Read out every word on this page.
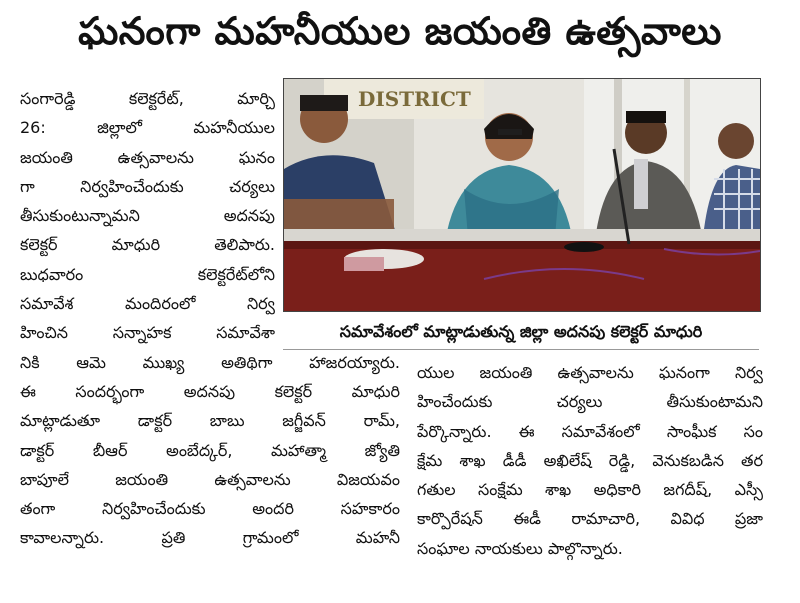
ఘనంగా మహనీయుల జయంతి ఉత్సవాలు
సంగారెడ్డి కలెక్టరేట్, మార్చి
26: జిల్లాలో మహనీయుల
జయంతి ఉత్సవాలను ఘనం
గా నిర్వహించేందుకు చర్యలు
తీసుకుంటున్నామని అదనపు
కలెక్టర్ మాధురి తెలిపారు.
బుధవారం కలెక్టరేట్‌లోని
సమావేశ మందిరంలో నిర్వ
హించిన సన్నాహక సమావేశా
నికి ఆమె ముఖ్య అతిథిగా హాజరయ్యారు.
ఈ సందర్భంగా అదనపు కలెక్టర్ మాధురి
మాట్లాడుతూ డాక్టర్ బాబు జగ్జీవన్ రామ్,
డాక్టర్ బీఆర్ అంబేద్కర్, మహాత్మా జ్యోతి
బాపూలే జయంతి ఉత్సవాలను విజయవం
తంగా నిర్వహించేందుకు అందరి సహకారం
కావాలన్నారు. ప్రతి గ్రామంలో మహనీ
DISTRICT
సమావేశంలో మాట్లాడుతున్న జిల్లా అదనపు కలెక్టర్ మాధురి
యుల జయంతి ఉత్సవాలను ఘనంగా నిర్వ
హించేందుకు చర్యలు తీసుకుంటామని
పేర్కొన్నారు. ఈ సమావేశంలో సాంఘీక సం
క్షేమ శాఖ డీడీ అఖిలేష్ రెడ్డి, వెనుకబడిన తర
గతుల సంక్షేమ శాఖ అధికారి జగదీష్, ఎస్సీ
కార్పొరేషన్ ఈడీ రామాచారి, వివిధ ప్రజా
సంఘాల నాయకులు పాల్గొన్నారు.
